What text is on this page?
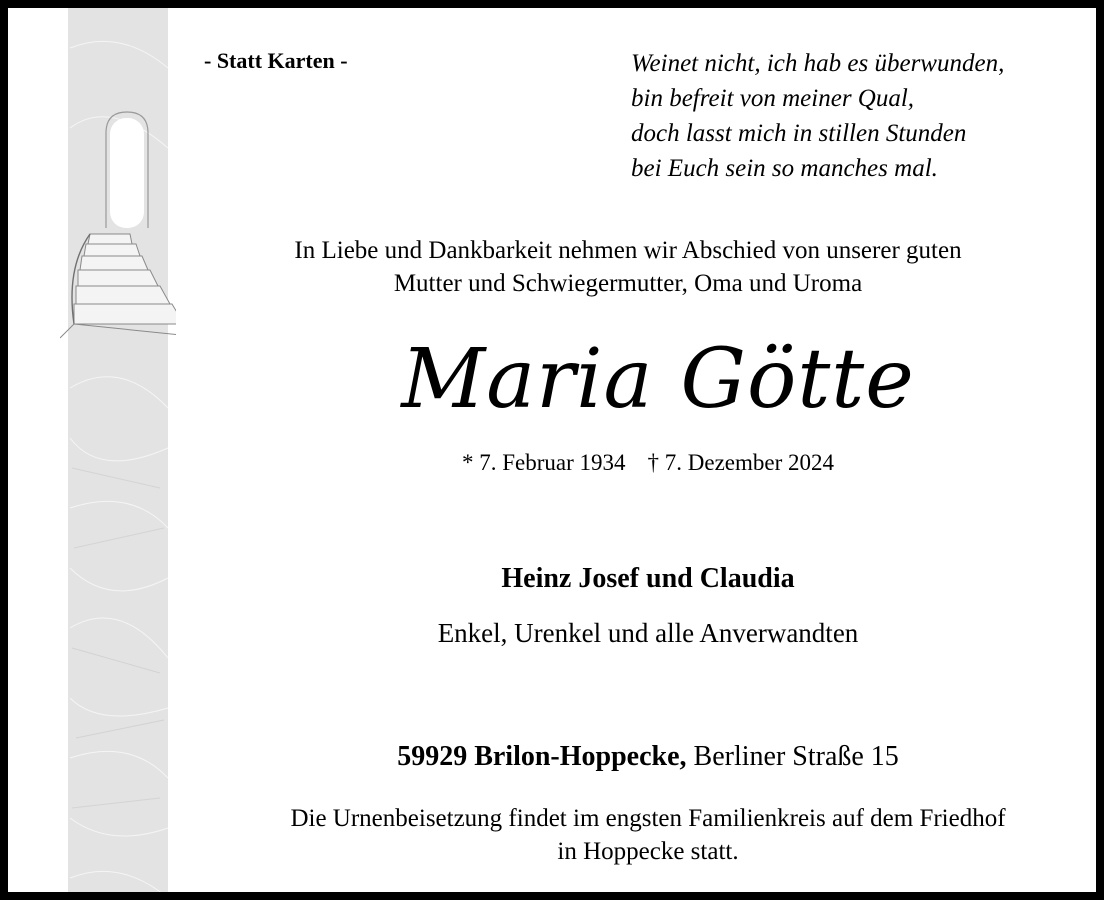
- Statt Karten -	Weinet nicht, ich hab es überwunden,
bin befreit von meiner Qual,
doch lasst mich in stillen Stunden
bei Euch sein so manches mal.
In Liebe und Dankbarkeit nehmen wir Abschied von unserer guten
Mutter und Schwiegermutter, Oma und Uroma
Maria Götte
* 7. Februar 1934 † 7. Dezember 2024
Heinz Josef und Claudia
Enkel, Urenkel und alle Anverwandten
59929 Brilon-Hoppecke, Berliner Straße 15
Die Urnenbeisetzung findet im engsten Familienkreis auf dem Friedhof
in Hoppecke statt.
